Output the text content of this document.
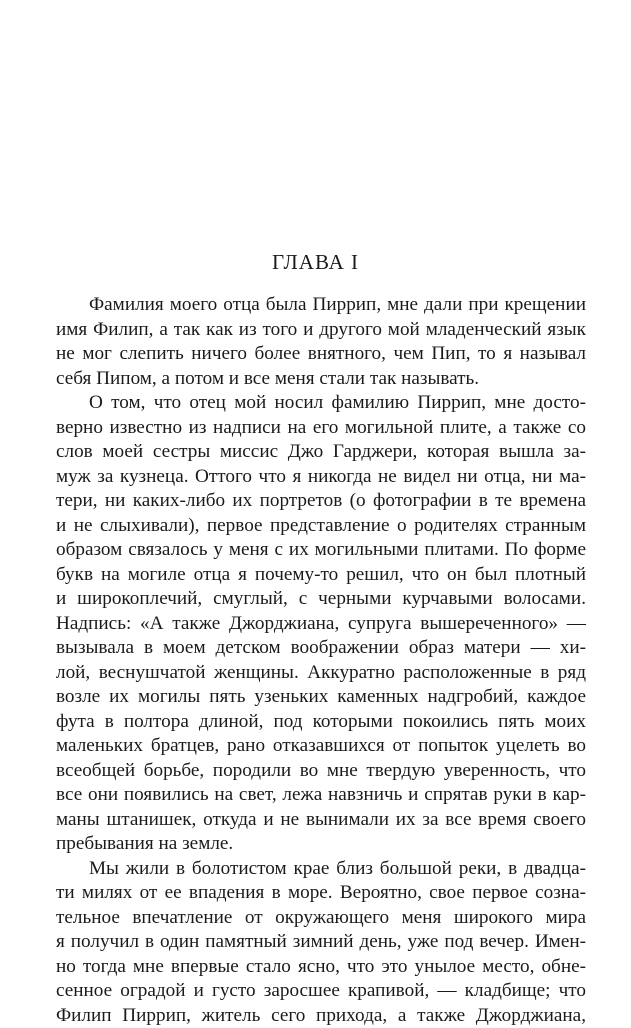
ГЛАВА I

Фамилия моего отца была Пиррип, мне дали при крещении
имя Филип, а так как из того и другого мой младенческий язык
не мог слепить ничего более внятного, чем Пип, то я называл
себя Пипом, а потом и все меня стали так называть.

О том, что отец мой носил фамилию Пиррип, мне досто-
верно известно из надписи на его могильной плите, а также со
слов моей сестры миссис Джо Гарджери, которая вышла за-
муж за кузнеца. Оттого что я никогда не видел ни отца, ни ма-
тери, ни каких-либо их портретов (о фотографии в те времена
и не слыхивали), первое представление о родителях странным
образом связалось у меня с их могильными плитами. По форме
букв на могиле отца я почему-то решил, что он был плотный
и широкоплечий, смуглый, с черными курчавыми волосами.
Надпись: «А также Джорджиана, супруга вышереченного» —
вызывала в моем детском воображении образ матери — хи-
лой, веснушчатой женщины. Аккуратно расположенные в ряд
возле их могилы пять узеньких каменных надгробий, каждое
фута в полтора длиной, под которыми покоились пять моих
маленьких братцев, рано отказавшихся от попыток уцелеть во
всеобщей борьбе, породили во мне твердую уверенность, что
все они появились на свет, лежа навзничь и спрятав руки в кар-
маны штанишек, откуда и не вынимали их за все время своего
пребывания на земле.

Мы жили в болотистом крае близ большой реки, в двадца-
ти милях от ее впадения в море. Вероятно, свое первое созна-
тельное впечатление от окружающего меня широкого мира
я получил в один памятный зимний день, уже под вечер. Имен-
но тогда мне впервые стало ясно, что это унылое место, обне-
сенное оградой и густо заросшее крапивой, — кладбище; что
Филип Пиррип, житель сего прихода, а также Джорджиана,
